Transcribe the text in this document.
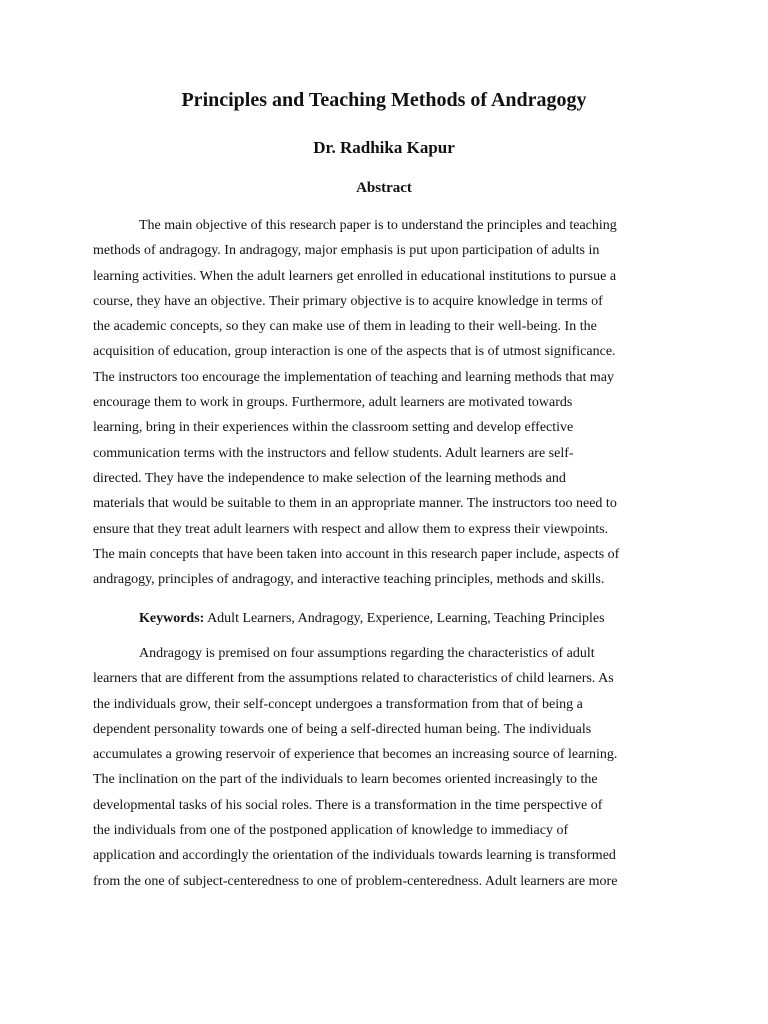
Principles and Teaching Methods of Andragogy
Dr. Radhika Kapur
Abstract
The main objective of this research paper is to understand the principles and teaching
methods of andragogy. In andragogy, major emphasis is put upon participation of adults in
learning activities. When the adult learners get enrolled in educational institutions to pursue a
course, they have an objective. Their primary objective is to acquire knowledge in terms of
the academic concepts, so they can make use of them in leading to their well-being. In the
acquisition of education, group interaction is one of the aspects that is of utmost significance.
The instructors too encourage the implementation of teaching and learning methods that may
encourage them to work in groups. Furthermore, adult learners are motivated towards
learning, bring in their experiences within the classroom setting and develop effective
communication terms with the instructors and fellow students. Adult learners are self-
directed. They have the independence to make selection of the learning methods and
materials that would be suitable to them in an appropriate manner. The instructors too need to
ensure that they treat adult learners with respect and allow them to express their viewpoints.
The main concepts that have been taken into account in this research paper include, aspects of
andragogy, principles of andragogy, and interactive teaching principles, methods and skills.
Keywords: Adult Learners, Andragogy, Experience, Learning, Teaching Principles
Andragogy is premised on four assumptions regarding the characteristics of adult
learners that are different from the assumptions related to characteristics of child learners. As
the individuals grow, their self-concept undergoes a transformation from that of being a
dependent personality towards one of being a self-directed human being. The individuals
accumulates a growing reservoir of experience that becomes an increasing source of learning.
The inclination on the part of the individuals to learn becomes oriented increasingly to the
developmental tasks of his social roles. There is a transformation in the time perspective of
the individuals from one of the postponed application of knowledge to immediacy of
application and accordingly the orientation of the individuals towards learning is transformed
from the one of subject-centeredness to one of problem-centeredness. Adult learners are more
